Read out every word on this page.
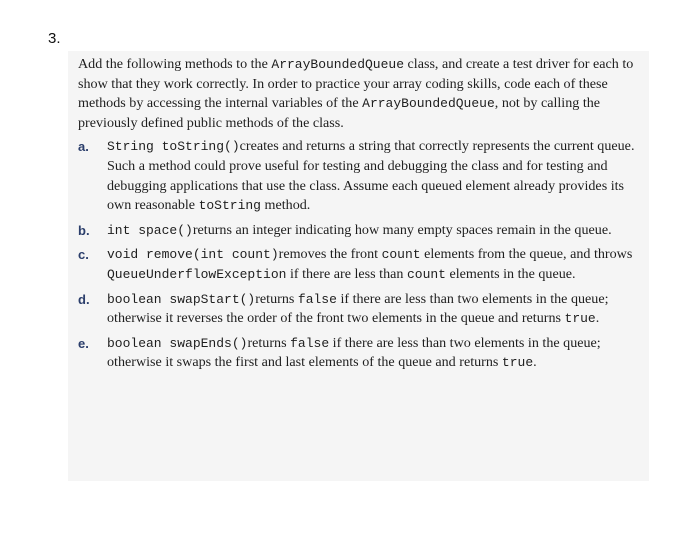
3.

Add the following methods to the ArrayBoundedQueue class, and create a test driver for each to show that they work correctly. In order to practice your array coding skills, code each of these methods by accessing the internal variables of the ArrayBoundedQueue, not by calling the previously defined public methods of the class.

a.	String toString()creates and returns a string that correctly represents the current queue. Such a method could prove useful for testing and debugging the class and for testing and debugging applications that use the class. Assume each queued element already provides its own reasonable toString method.
b.	int space()returns an integer indicating how many empty spaces remain in the queue.
c.	void remove(int count)removes the front count elements from the queue, and throws QueueUnderflowException if there are less than count elements in the queue.
d.	boolean swapStart()returns false if there are less than two elements in the queue; otherwise it reverses the order of the front two elements in the queue and returns true.
e.	boolean swapEnds()returns false if there are less than two elements in the queue; otherwise it swaps the first and last elements of the queue and returns true.
